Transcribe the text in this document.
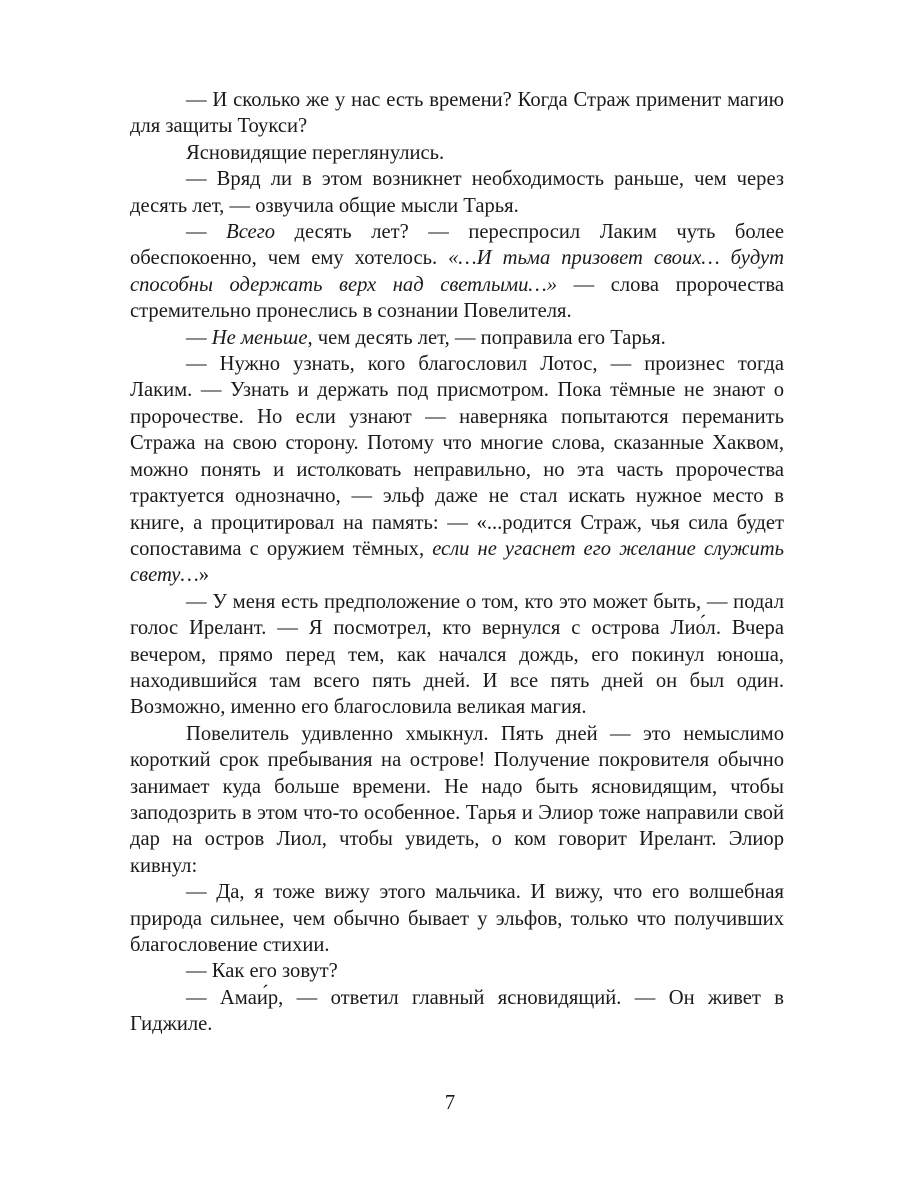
— И сколько же у нас есть времени? Когда Страж применит магию для защиты Тоукси?

Ясновидящие переглянулись.

— Вряд ли в этом возникнет необходимость раньше, чем через десять лет, — озвучила общие мысли Тарья.

— Всего десять лет? — переспросил Лаким чуть более обеспокоенно, чем ему хотелось. «…И тьма призовет своих… будут способны одержать верх над светлыми…» — слова пророчества стремительно пронеслись в сознании Повелителя.

— Не меньше, чем десять лет, — поправила его Тарья.

— Нужно узнать, кого благословил Лотос, — произнес тогда Лаким. — Узнать и держать под присмотром. Пока тёмные не знают о пророчестве. Но если узнают — наверняка попытаются переманить Стража на свою сторону. Потому что многие слова, сказанные Хаквом, можно понять и истолковать неправильно, но эта часть пророчества трактуется однозначно, — эльф даже не стал искать нужное место в книге, а процитировал на память: — «...родится Страж, чья сила будет сопоставима с оружием тёмных, если не угаснет его желание служить свету…»

— У меня есть предположение о том, кто это может быть, — подал голос Ирелант. — Я посмотрел, кто вернулся с острова Лио́л. Вчера вечером, прямо перед тем, как начался дождь, его покинул юноша, находившийся там всего пять дней. И все пять дней он был один. Возможно, именно его благословила великая магия.

Повелитель удивленно хмыкнул. Пять дней — это немыслимо короткий срок пребывания на острове! Получение покровителя обычно занимает куда больше времени. Не надо быть ясновидящим, чтобы заподозрить в этом что-то особенное. Тарья и Элиор тоже направили свой дар на остров Лиол, чтобы увидеть, о ком говорит Ирелант. Элиор кивнул:

— Да, я тоже вижу этого мальчика. И вижу, что его волшебная природа сильнее, чем обычно бывает у эльфов, только что получивших благословение стихии.

— Как его зовут?

— Амаи́р, — ответил главный ясновидящий. — Он живет в Гиджиле.

7
